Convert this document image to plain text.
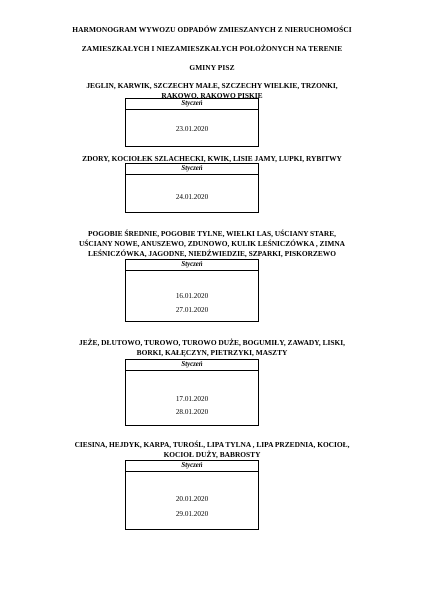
HARMONOGRAM WYWOZU ODPADÓW ZMIESZANYCH Z NIERUCHOMOŚCI
ZAMIESZKAŁYCH I NIEZAMIESZKAŁYCH POŁOŻONYCH NA TERENIE
GMINY PISZ
JEGLIN, KARWIK, SZCZECHY MAŁE, SZCZECHY WIELKIE, TRZONKI,
RAKOWO, RAKOWO PISKIE
Styczeń
23.01.2020
ZDORY, KOCIOŁEK SZLACHECKI, KWIK, LISIE JAMY, LUPKI, RYBITWY
Styczeń
24.01.2020
POGOBIE ŚREDNIE, POGOBIE TYLNE, WIELKI LAS, UŚCIANY STARE,
UŚCIANY NOWE, ANUSZEWO, ZDUNOWO, KULIK LEŚNICZÓWKA , ZIMNA
LEŚNICZÓWKA, JAGODNE, NIEDŹWIEDZIE, SZPARKI, PISKORZEWO
Styczeń
16.01.2020
27.01.2020
JEŻE, DŁUTOWO, TUROWO, TUROWO DUŻE, BOGUMIŁY, ZAWADY, LISKI,
BORKI, KAŁĘCZYN, PIETRZYKI, MASZTY
Styczeń
17.01.2020
28.01.2020
CIESINA, HEJDYK, KARPA, TUROŚL, LIPA TYLNA , LIPA PRZEDNIA, KOCIOŁ,
KOCIOŁ DUŻY, BABROSTY
Styczeń
20.01.2020
29.01.2020
